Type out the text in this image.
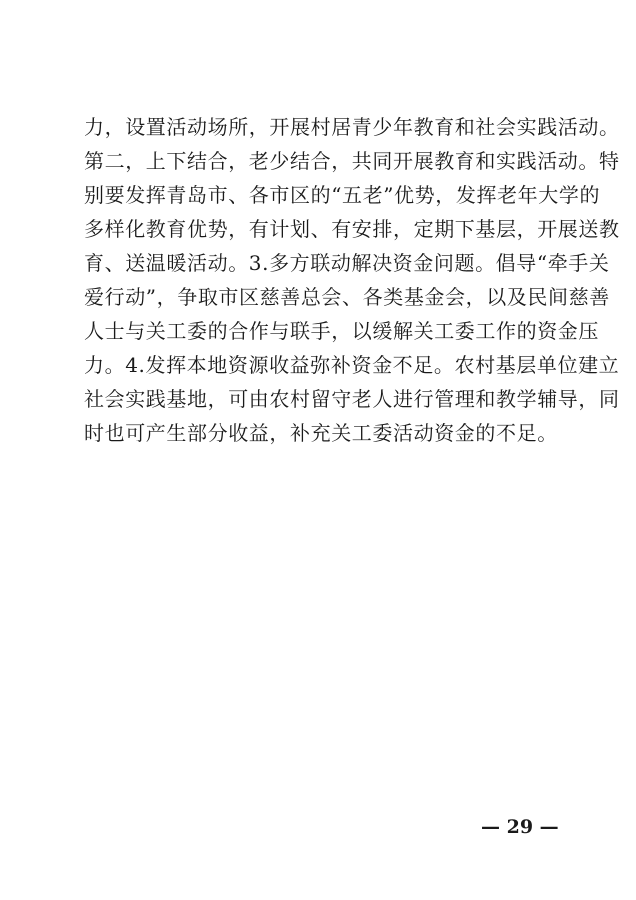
力，设置活动场所，开展村居青少年教育和社会实践活动。
第二，上下结合，老少结合，共同开展教育和实践活动。特
别要发挥青岛市、各市区的“五老”优势，发挥老年大学的
多样化教育优势，有计划、有安排，定期下基层，开展送教
育、送温暖活动。3.多方联动解决资金问题。倡导“牵手关
爱行动”，争取市区慈善总会、各类基金会，以及民间慈善
人士与关工委的合作与联手，以缓解关工委工作的资金压
力。4.发挥本地资源收益弥补资金不足。农村基层单位建立
社会实践基地，可由农村留守老人进行管理和教学辅导，同
时也可产生部分收益，补充关工委活动资金的不足。
— 29 —
